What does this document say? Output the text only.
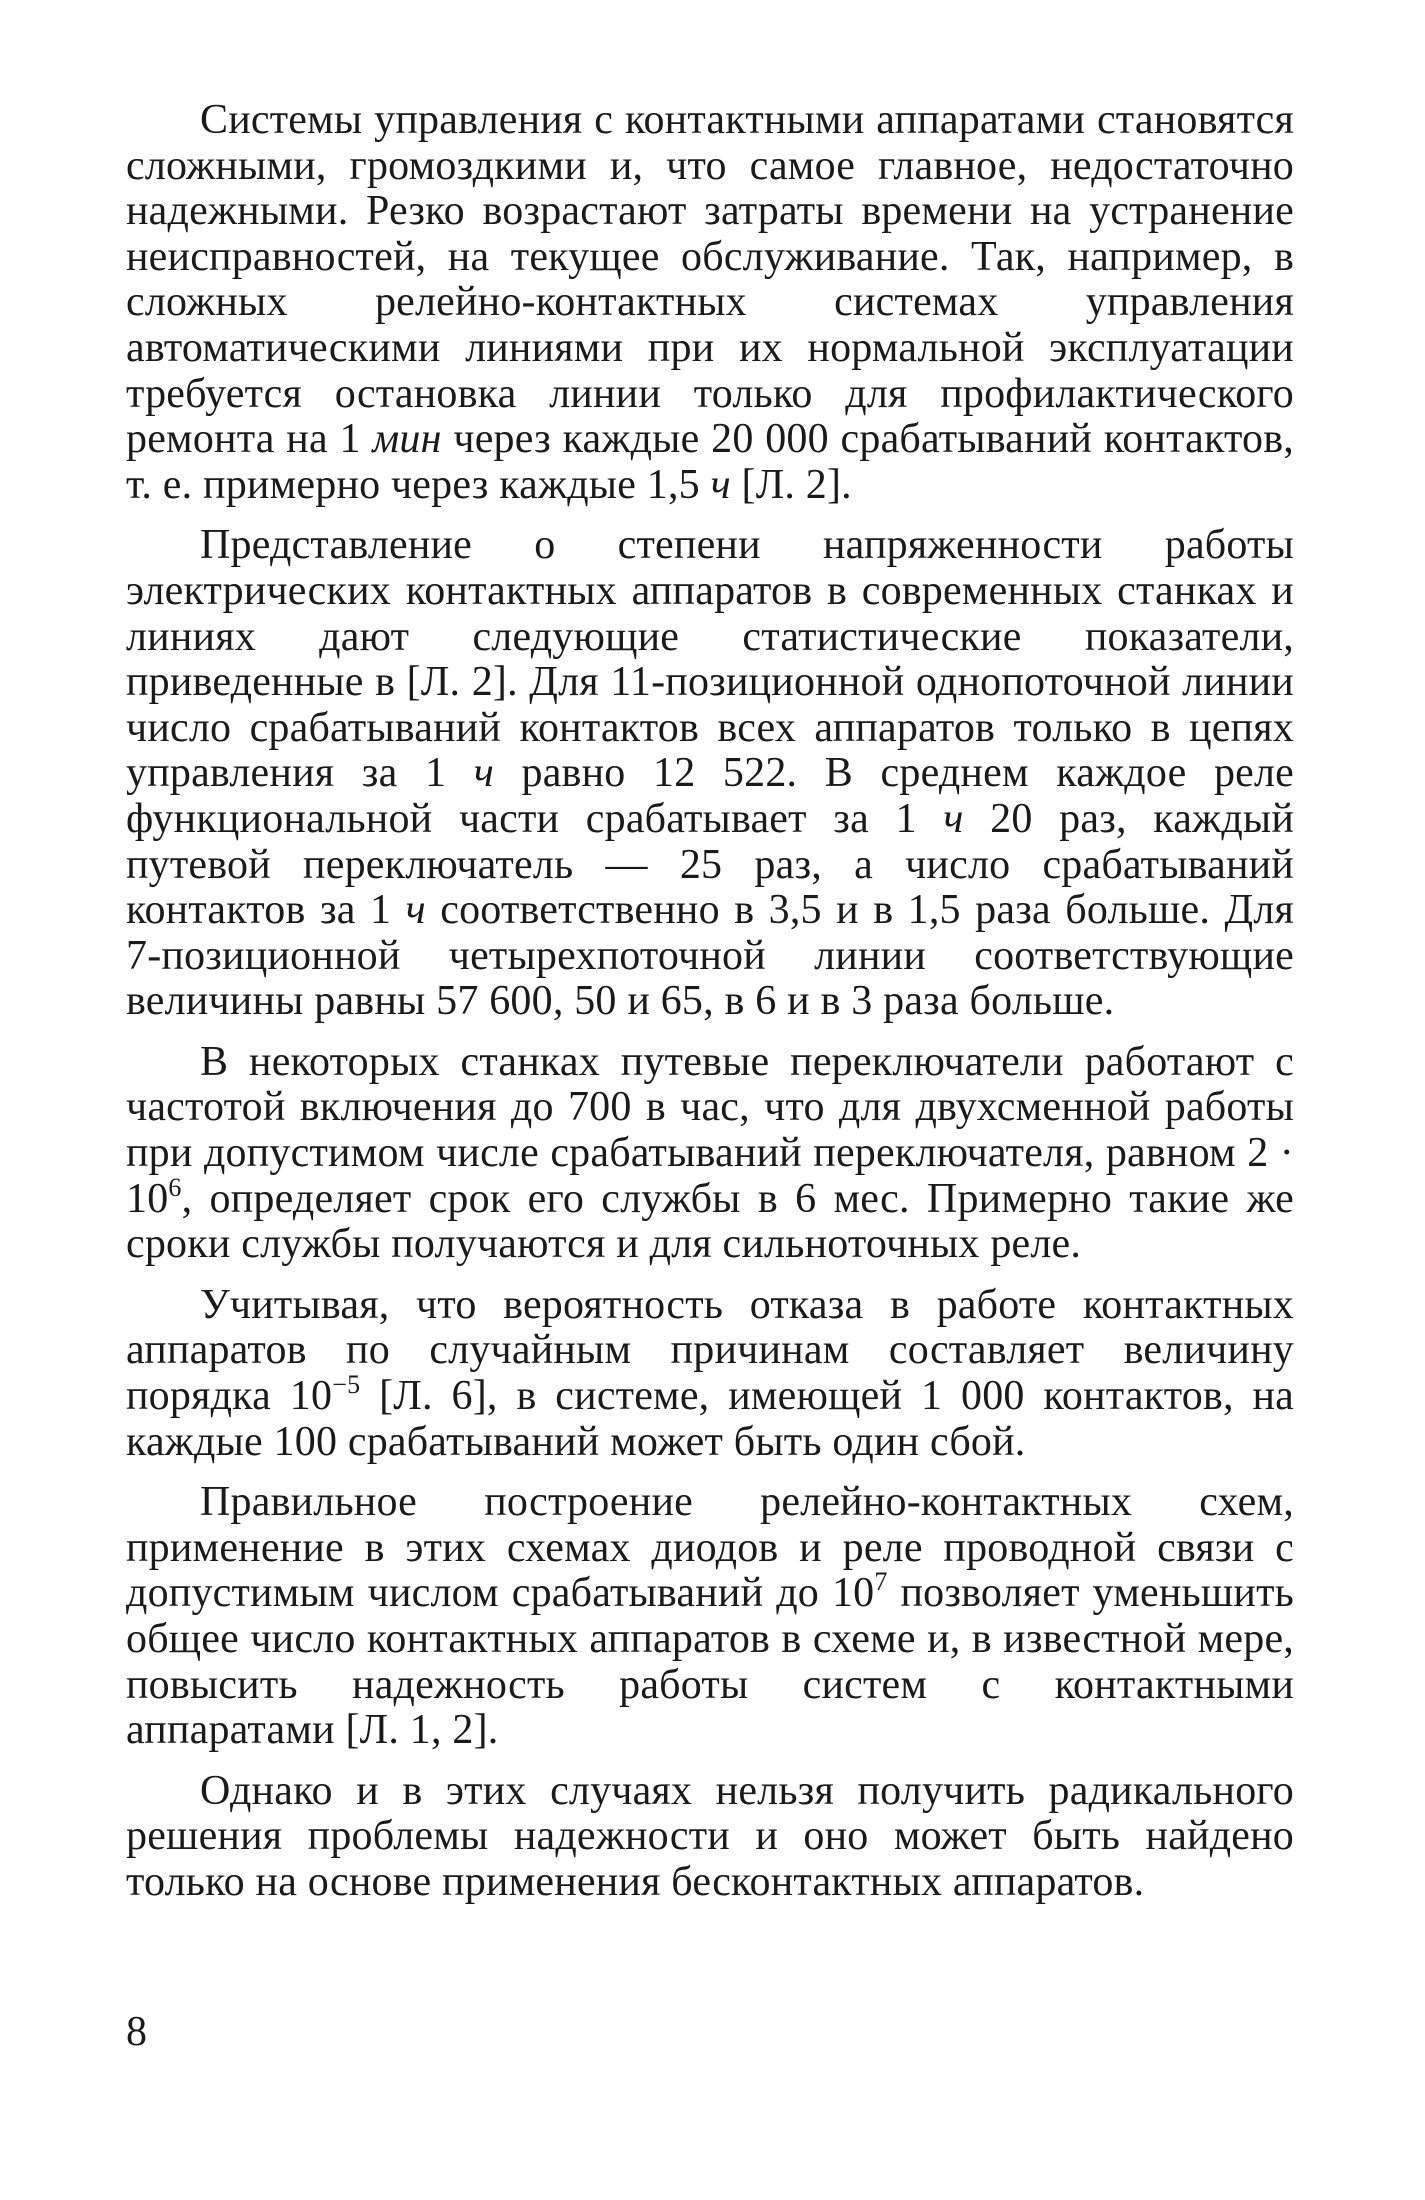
Системы управления с контактными аппаратами становятся сложными, громоздкими и, что самое главное, недостаточно надежными. Резко возрастают затраты времени на устранение неисправностей, на текущее обслуживание. Так, например, в сложных релейно-контактных системах управления автоматическими линиями при их нормальной эксплуатации требуется остановка линии только для профилактического ремонта на 1 мин через каждые 20 000 срабатываний контактов, т. е. примерно через каждые 1,5 ч [Л. 2].

Представление о степени напряженности работы электрических контактных аппаратов в современных станках и линиях дают следующие статистические показатели, приведенные в [Л. 2]. Для 11-позиционной однопоточной линии число срабатываний контактов всех аппаратов только в цепях управления за 1 ч равно 12 522. В среднем каждое реле функциональной части срабатывает за 1 ч 20 раз, каждый путевой переключатель — 25 раз, а число срабатываний контактов за 1 ч соответственно в 3,5 и в 1,5 раза больше. Для 7-позиционной четырехпоточной линии соответствующие величины равны 57 600, 50 и 65, в 6 и в 3 раза больше.

В некоторых станках путевые переключатели работают с частотой включения до 700 в час, что для двухсменной работы при допустимом числе срабатываний переключателя, равном $2 \cdot 10^6$, определяет срок его службы в 6 мес. Примерно такие же сроки службы получаются и для сильноточных реле.

Учитывая, что вероятность отказа в работе контактных аппаратов по случайным причинам составляет величину порядка $10^{-5}$ [Л. 6], в системе, имеющей 1 000 контактов, на каждые 100 срабатываний может быть один сбой.

Правильное построение релейно-контактных схем, применение в этих схемах диодов и реле проводной связи с допустимым числом срабатываний до $10^7$ позволяет уменьшить общее число контактных аппаратов в схеме и, в известной мере, повысить надежность работы систем с контактными аппаратами [Л. 1, 2].

Однако и в этих случаях нельзя получить радикального решения проблемы надежности и оно может быть найдено только на основе применения бесконтактных аппаратов.

8
